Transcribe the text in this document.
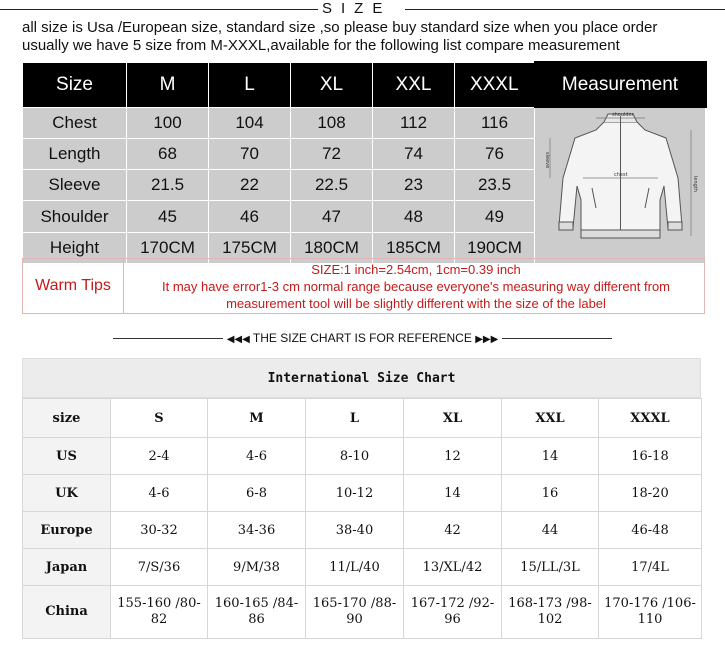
SIZE
all size is Usa /European size, standard size ,so please buy standard size when you place order
usually we have 5 size from M-XXXL,available for the following list compare measurement
Size	M	L	XL	XXL	XXXL	Measurement
Chest	100	104	108	112	116	shoulder
chest
sleeve
length

Length	68	70	72	74	76	
Sleeve	21.5	22	22.5	23	23.5	
Shoulder	45	46	47	48	49	
Height	170CM	175CM	180CM	185CM	190CM	
Warm Tips
SIZE:1 inch=2.54cm, 1cm=0.39 inch
It may have error1-3 cm normal range because everyone's measuring way different from
measurement tool will be slightly different with the size of the label
◀◀◀ THE SIZE CHART IS FOR REFERENCE ▶▶▶
International Size Chart
size	S	M	L	XL	XXL	XXXL
US	2-4	4-6	8-10	12	14	16-18
UK	4-6	6-8	10-12	14	16	18-20
Europe	30-32	34-36	38-40	42	44	46-48
Japan	7/S/36	9/M/38	11/L/40	13/XL/42	15/LL/3L	17/4L
China	155-160 /80-82	160-165 /84-86	165-170 /88-90	167-172 /92-96	168-173 /98-102	170-176 /106-110
